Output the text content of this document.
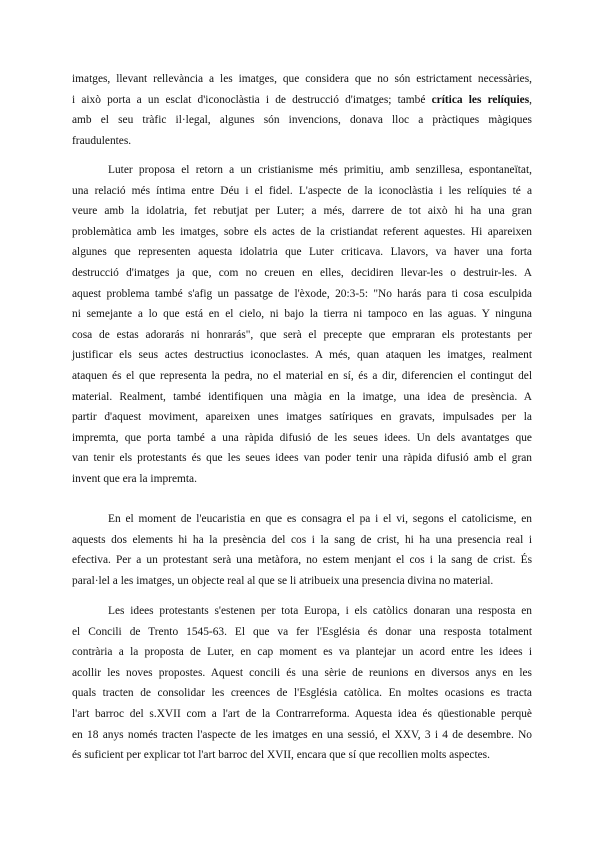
imatges, llevant rellevància a les imatges, que considera que no són estrictament necessàries,
i això porta a un esclat d'iconoclàstia i de destrucció d'imatges; també crítica les relíquies,
amb el seu tràfic il·legal, algunes són invencions, donava lloc a pràctiques màgiques
fraudulentes.
Luter proposa el retorn a un cristianisme més primitiu, amb senzillesa, espontaneïtat,
una relació més íntima entre Déu i el fidel. L'aspecte de la iconoclàstia i les relíquies té a
veure amb la idolatria, fet rebutjat per Luter; a més, darrere de tot això hi ha una gran
problemàtica amb les imatges, sobre els actes de la cristiandat referent aquestes. Hi apareixen
algunes que representen aquesta idolatria que Luter criticava. Llavors, va haver una forta
destrucció d'imatges ja que, com no creuen en elles, decidiren llevar-les o destruir-les. A
aquest problema també s'afig un passatge de l'èxode, 20:3-5: "No harás para ti cosa esculpida
ni semejante a lo que está en el cielo, ni bajo la tierra ni tampoco en las aguas. Y ninguna
cosa de estas adorarás ni honrarás", que serà el precepte que empraran els protestants per
justificar els seus actes destructius iconoclastes. A més, quan ataquen les imatges, realment
ataquen és el que representa la pedra, no el material en sí, és a dir, diferencien el contingut del
material. Realment, també identifiquen una màgia en la imatge, una idea de presència. A
partir d'aquest moviment, apareixen unes imatges satíriques en gravats, impulsades per la
impremta, que porta també a una ràpida difusió de les seues idees. Un dels avantatges que
van tenir els protestants és que les seues idees van poder tenir una ràpida difusió amb el gran
invent que era la impremta.
En el moment de l'eucaristia en que es consagra el pa i el vi, segons el catolicisme, en
aquests dos elements hi ha la presència del cos i la sang de crist, hi ha una presencia real i
efectiva. Per a un protestant serà una metàfora, no estem menjant el cos i la sang de crist. És
paral·lel a les imatges, un objecte real al que se li atribueix una presencia divina no material.
Les idees protestants s'estenen per tota Europa, i els catòlics donaran una resposta en
el Concili de Trento 1545-63. El que va fer l'Església és donar una resposta totalment
contrària a la proposta de Luter, en cap moment es va plantejar un acord entre les idees i
acollir les noves propostes. Aquest concili és una sèrie de reunions en diversos anys en les
quals tracten de consolidar les creences de l'Església catòlica. En moltes ocasions es tracta
l'art barroc del s.XVII com a l'art de la Contrarreforma. Aquesta idea és qüestionable perquè
en 18 anys només tracten l'aspecte de les imatges en una sessió, el XXV, 3 i 4 de desembre. No
és suficient per explicar tot l'art barroc del XVII, encara que sí que recollien molts aspectes.
